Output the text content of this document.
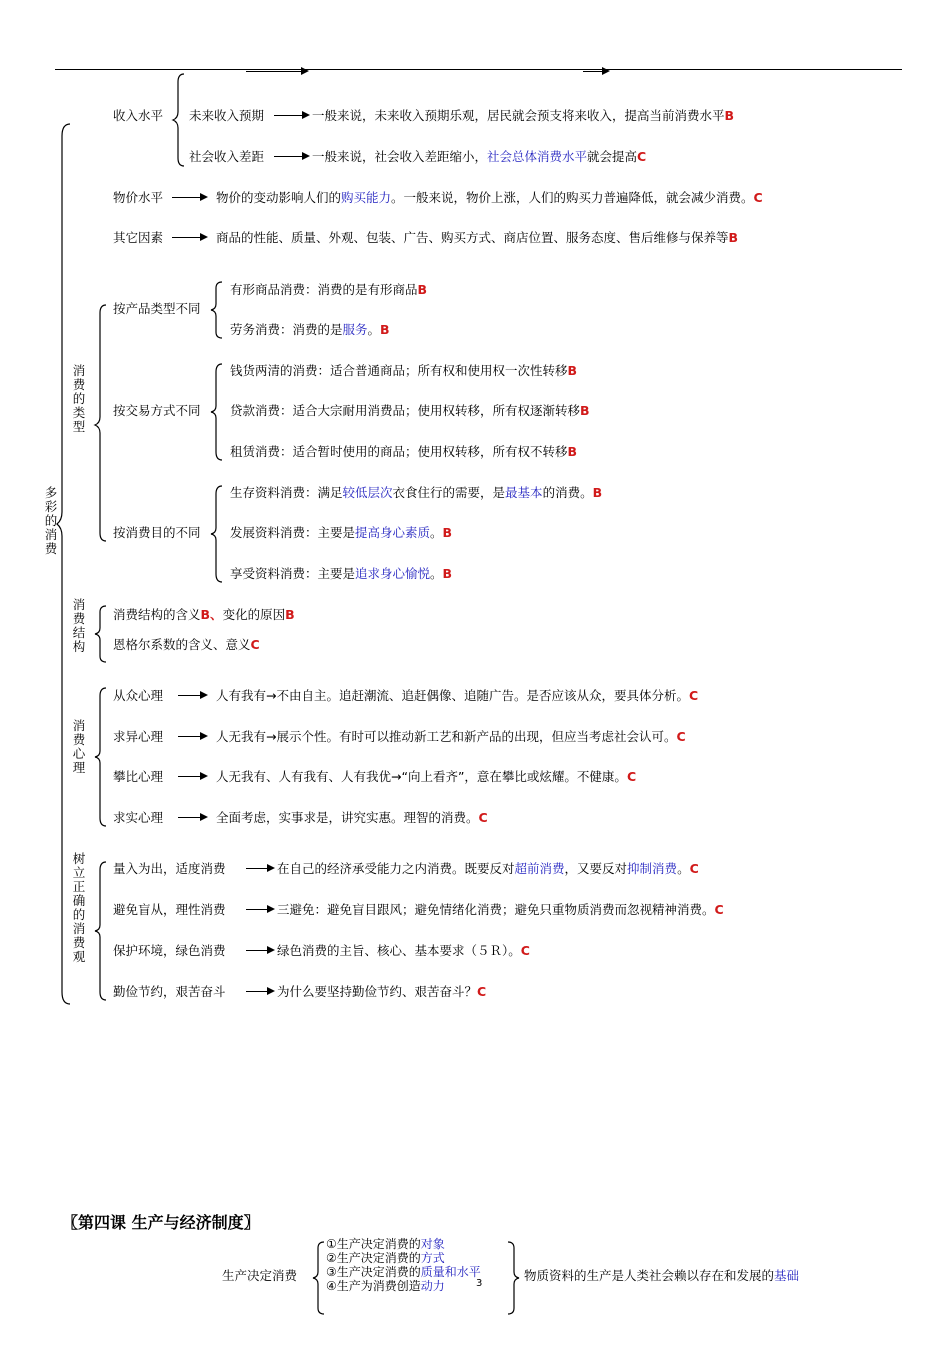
多彩的消费
收入水平 未来收入预期	一般来说，未来收入预期乐观，居民就会预支将来收入，提高当前消费水平B
社会收入差距	一般来说，社会收入差距缩小，社会总体消费水平就会提高C
物价水平	物价的变动影响人们的购买能力。一般来说，物价上涨，人们的购买力普遍降低，就会减少消费。C
其它因素	商品的性能、质量、外观、包装、广告、购买方式、商店位置、服务态度、售后维修与保养等B
消费的类型
按产品类型不同
有形商品消费：消费的是有形商品B
劳务消费：消费的是服务。B
按交易方式不同
钱货两清的消费：适合普通商品；所有权和使用权一次性转移B
贷款消费：适合大宗耐用消费品；使用权转移，所有权逐渐转移B
租赁消费：适合暂时使用的商品；使用权转移，所有权不转移B
按消费目的不同
生存资料消费：满足较低层次衣食住行的需要，是最基本的消费。B
发展资料消费：主要是提高身心素质。B
享受资料消费：主要是追求身心愉悦。B
消费结构
消费结构的含义B、变化的原因B
恩格尔系数的含义、意义C
消费心理
从众心理	人有我有→不由自主。追赶潮流、追赶偶像、追随广告。是否应该从众，要具体分析。C
求异心理	人无我有→展示个性。有时可以推动新工艺和新产品的出现，但应当考虑社会认可。C
攀比心理	人无我有、人有我有、人有我优→“向上看齐”，意在攀比或炫耀。不健康。C
求实心理	全面考虑，实事求是，讲究实惠。理智的消费。C
树立正确的消费观
量入为出，适度消费	在自己的经济承受能力之内消费。既要反对超前消费，又要反对抑制消费。C
避免盲从，理性消费	三避免：避免盲目跟风；避免情绪化消费；避免只重物质消费而忽视精神消费。C
保护环境，绿色消费	绿色消费的主旨、核心、基本要求（５Ｒ）。C
勤俭节约，艰苦奋斗	为什么要坚持勤俭节约、艰苦奋斗？C
〖第四课 生产与经济制度〗
生产决定消费
①生产决定消费的对象
②生产决定消费的方式
③生产决定消费的质量和水平
④生产为消费创造动力	3
物质资料的生产是人类社会赖以存在和发展的基础
